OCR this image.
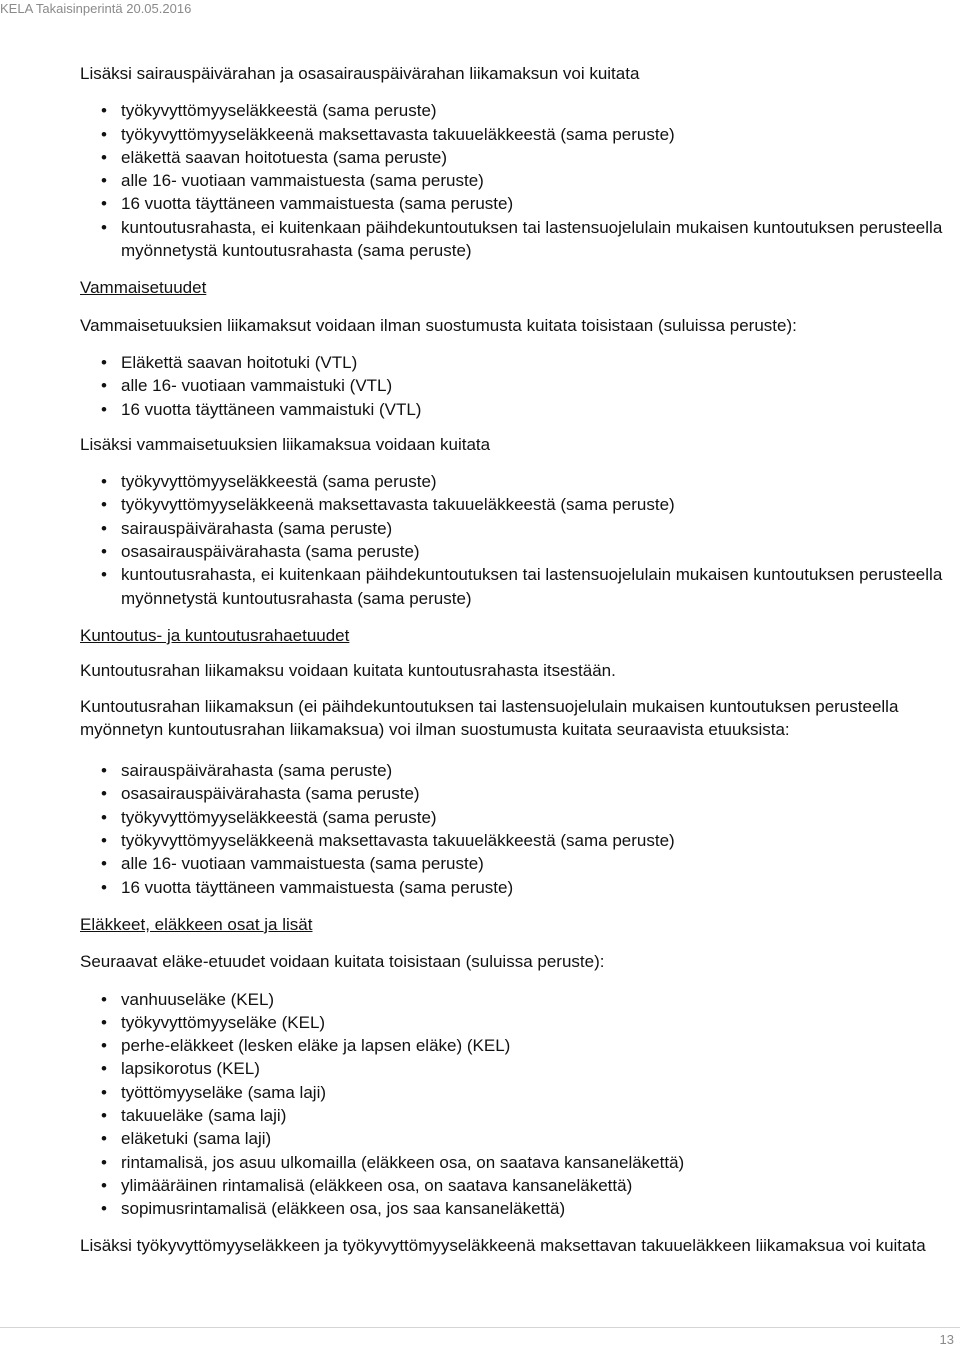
KELA Takaisinperintä 20.05.2016

Lisäksi sairauspäivärahan ja osasairauspäivärahan liikamaksun voi kuitata

• työkyvyttömyyseläkkeestä (sama peruste)
• työkyvyttömyyseläkkeenä maksettavasta takuueläkkeestä (sama peruste)
• eläkettä saavan hoitotuesta (sama peruste)
• alle 16- vuotiaan vammaistuesta (sama peruste)
• 16 vuotta täyttäneen vammaistuesta (sama peruste)
• kuntoutusrahasta, ei kuitenkaan päihdekuntoutuksen tai lastensuojelulain mukaisen kuntoutuksen perusteella myönnetystä kuntoutusrahasta (sama peruste)
Vammaisetuudet

Vammaisetuuksien liikamaksut voidaan ilman suostumusta kuitata toisistaan (suluissa peruste):

• Eläkettä saavan hoitotuki (VTL)
• alle 16- vuotiaan vammaistuki (VTL)
• 16 vuotta täyttäneen vammaistuki (VTL)

Lisäksi vammaisetuuksien liikamaksua voidaan kuitata

• työkyvyttömyyseläkkeestä (sama peruste)
• työkyvyttömyyseläkkeenä maksettavasta takuueläkkeestä (sama peruste)
• sairauspäivärahasta (sama peruste)
• osasairauspäivärahasta (sama peruste)
• kuntoutusrahasta, ei kuitenkaan päihdekuntoutuksen tai lastensuojelulain mukaisen kuntoutuksen perusteella myönnetystä kuntoutusrahasta (sama peruste)
Kuntoutus- ja kuntoutusrahaetuudet

Kuntoutusrahan liikamaksu voidaan kuitata kuntoutusrahasta itsestään.

Kuntoutusrahan liikamaksun (ei päihdekuntoutuksen tai lastensuojelulain mukaisen kuntoutuksen perusteella myönnetyn kuntoutusrahan liikamaksua) voi ilman suostumusta kuitata seuraavista etuuksista:

• sairauspäivärahasta (sama peruste)
• osasairauspäivärahasta (sama peruste)
• työkyvyttömyyseläkkeestä (sama peruste)
• työkyvyttömyyseläkkeenä maksettavasta takuueläkkeestä (sama peruste)
• alle 16- vuotiaan vammaistuesta (sama peruste)
• 16 vuotta täyttäneen vammaistuesta (sama peruste)
Eläkkeet, eläkkeen osat ja lisät

Seuraavat eläke-etuudet voidaan kuitata toisistaan (suluissa peruste):

• vanhuuseläke (KEL)
• työkyvyttömyyseläke (KEL)
• perhe-eläkkeet (lesken eläke ja lapsen eläke) (KEL)
• lapsikorotus (KEL)
• työttömyyseläke (sama laji)
• takuueläke (sama laji)
• eläketuki (sama laji)
• rintamalisä, jos asuu ulkomailla (eläkkeen osa, on saatava kansaneläkettä)
• ylimääräinen rintamalisä (eläkkeen osa, on saatava kansaneläkettä)
• sopimusrintamalisä (eläkkeen osa, jos saa kansaneläkettä)

Lisäksi työkyvyttömyyseläkkeen ja työkyvyttömyyseläkkeenä maksettavan takuueläkkeen liikamaksua voi kuitata

13
